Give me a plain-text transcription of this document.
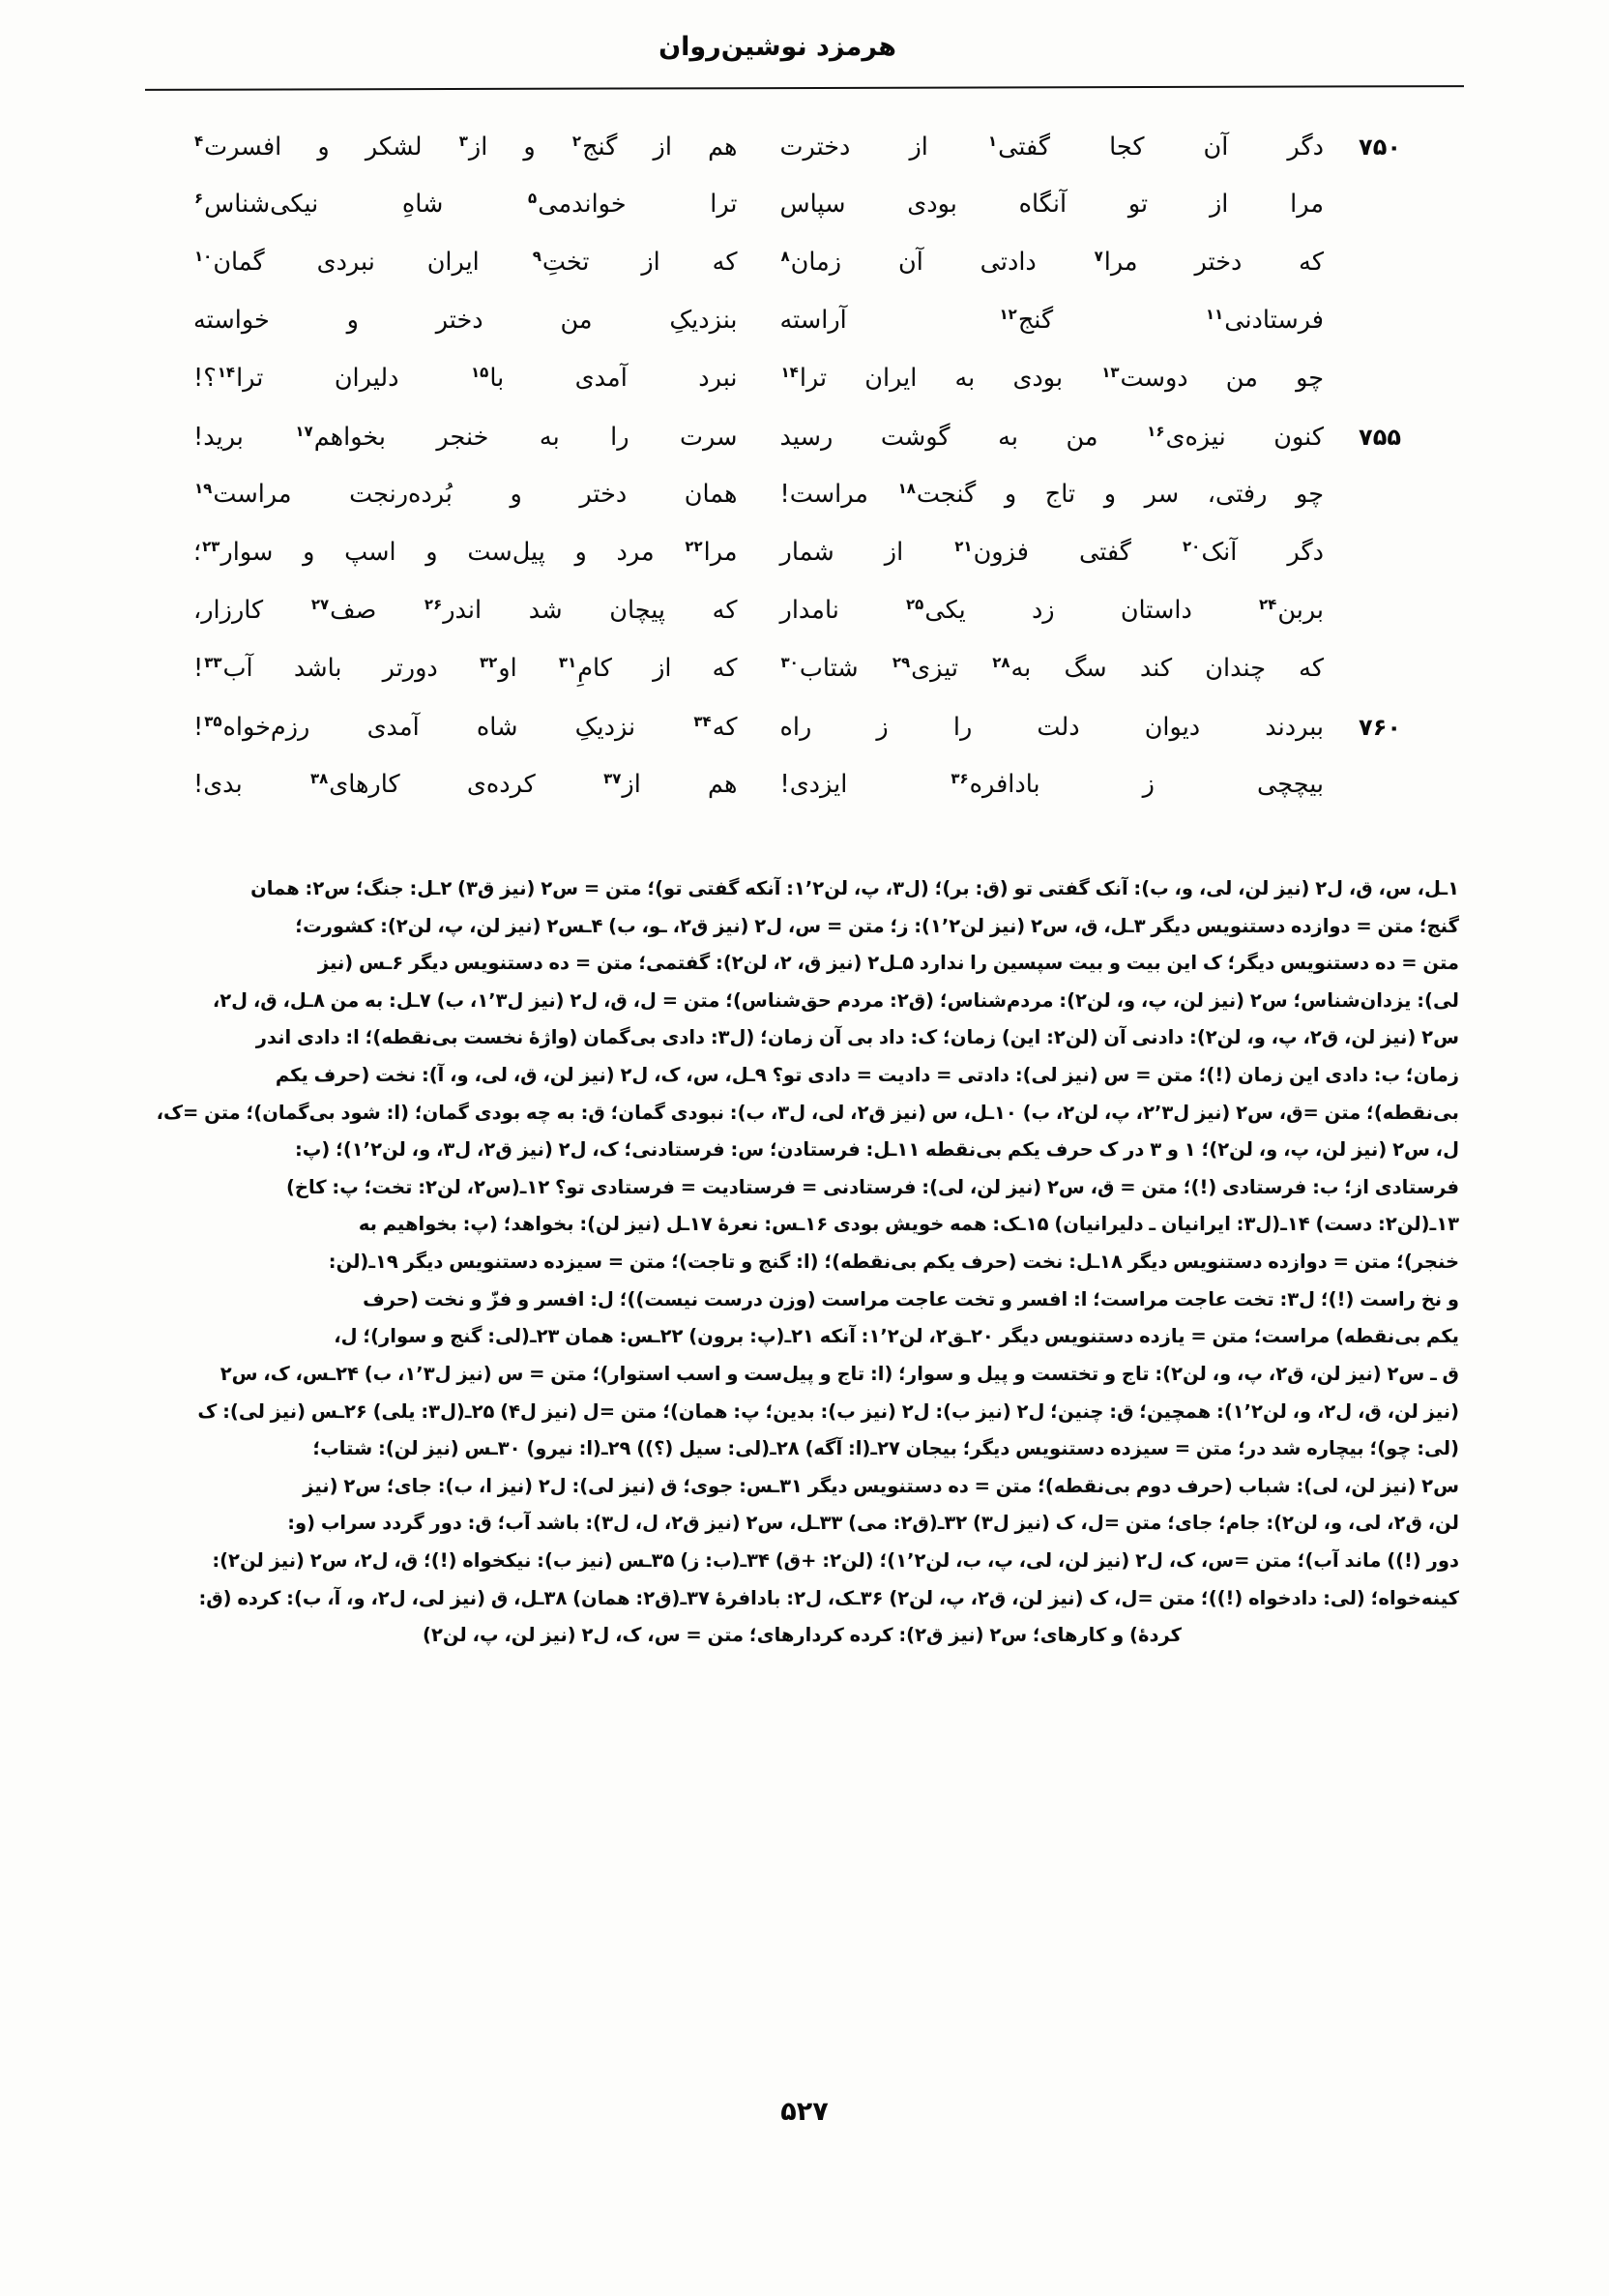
هرمزد نوشین‌روان
۷۵۰
دگر آن کجا گفتی$^۱$ از دخترت
هم از گنج$^۲$ و از$^۳$ لشکر و افسرت$^۴$
مرا از تو آنگاه بودی سپاس
ترا خواندمی$^۵$ شاهِ نیکی‌شناس$^۶$
که دختر مرا$^۷$ دادتی آن زمان$^۸$
که از تختِ$^۹$ ایران نبردی گمان$^{۱۰}$
فرستادنی$^{۱۱}$ گنج$^{۱۲}$ آراسته
بنزدیکِ من دختر و خواسته
چو من دوست$^{۱۳}$ بودی به ایران ترا$^{۱۴}$
نبرد آمدی با$^{۱۵}$ دلیران ترا$^{۱۴}$؟!
۷۵۵
کنون نیزه‌ی$^{۱۶}$ من به گوشت رسید
سرت را به خنجر بخواهم$^{۱۷}$ برید!
چو رفتی، سر و تاج و گنجت$^{۱۸}$ مراست!
همان دختر و بُرده‌رنجت مراست$^{۱۹}$
دگر آنک$^{۲۰}$ گفتی فزون$^{۲۱}$ از شمار
مرا$^{۲۲}$ مرد و پیل‌ست و اسپ و سوار$^{۲۳}$؛
بربن$^{۲۴}$ داستان زد یکی$^{۲۵}$ نامدار
که پیچان شد اندر$^{۲۶}$ صف$^{۲۷}$ کارزار،
که چندان کند سگ به$^{۲۸}$ تیزی$^{۲۹}$ شتاب$^{۳۰}$
که از کامِ$^{۳۱}$ او$^{۳۲}$ دورتر باشد آب$^{۳۳}$!
۷۶۰
ببردند دیوان دلت را ز راه
که$^{۳۴}$ نزدیکِ شاه آمدی رزم‌خواه$^{۳۵}$!
بیچچی ز بادافره$^{۳۶}$ ایزدی!
هم از$^{۳۷}$ کرده‌ی کارهای$^{۳۸}$ بدی!

۱ـل، س، ق، ل۲ (نیز لن، لی، و، ب): آنک گفتی تو (ق: بر)؛ (ل۳، پ، لن۱٬۲: آنکه گفتی تو)؛ متن = س۲ (نیز ق۳) ۲ـل: جنگ؛ س۲: همان

گنج؛ متن = دوازده دستنویس دیگر ۳ـل، ق، س۲ (نیز لن۱٬۲): ز؛ متن = س، ل۲ (نیز ق۲، ـو، ب) ۴ـس۲ (نیز لن، پ، لن۲): کشورت؛

متن = ده دستنویس دیگر؛ ک این بیت و بیت سپسین را ندارد ۵ـل۲ (نیز ق، ۲، لن۲): گفتمی؛ متن = ده دستنویس دیگر ۶ـس (نیز

لی): یزدان‌شناس؛ س۲ (نیز لن، پ، و، لن۲): مردم‌شناس؛ (ق۲: مردم حق‌شناس)؛ متن = ل، ق، ل۲ (نیز ل۱٬۳، ب) ۷ـل: به من ۸ـل، ق، ل۲،

س۲ (نیز لن، ق۲، پ، و، لن۲): دادنی آن (لن۲: این) زمان؛ ک: داد بی آن زمان؛ (ل۳: دادی بی‌گمان (واژهٔ نخست بی‌نقطه)؛ ا: دادی اندر

زمان؛ ب: دادی این زمان (!)؛ متن = س (نیز لی): دادتی = دادیت = دادی تو؟ ۹ـل، س، ک، ل۲ (نیز لن، ق، لی، و، آ): نخت (حرف یکم

بی‌نقطه)؛ متن =ق، س۲ (نیز ل۲٬۳، پ، لن۲، ب) ۱۰ـل، س (نیز ق۲، لی، ل۳، ب): نبودی گمان؛ ق: به چه بودی گمان؛ (ا: شود بی‌گمان)؛ متن =ک،

ل، س۲ (نیز لن، پ، و، لن۲)؛ ۱ و ۳ در ک حرف یکم بی‌نقطه ۱۱ـل: فرستادن؛ س: فرستادنی؛ ک، ل۲ (نیز ق۲، ل۳، و، لن۱٬۲)؛ (پ:

فرستادی از؛ ب: فرستادی (!)؛ متن = ق، س۲ (نیز لن، لی): فرستادنی = فرستادیت = فرستادی تو؟ ۱۲ـ(س۲، لن۲: تخت؛ پ: کاخ)

۱۳ـ(لن۲: دست) ۱۴ـ(ل۳: ایرانیان ـ دلیرانیان) ۱۵ـک: همه خویش بودی ۱۶ـس: نعرهٔ ۱۷ـل (نیز لن): بخواهد؛ (پ: بخواهیم به

خنجر)؛ متن = دوازده دستنویس دیگر ۱۸ـل: نخت (حرف یکم بی‌نقطه)؛ (ا: گنج و تاجت)؛ متن = سیزده دستنویس دیگر ۱۹ـ(لن:

و نخ راست (!)؛ ل۳: تخت عاجت مراست؛ ا: افسر و تخت عاجت مراست (وزن درست نیست))؛ ل: افسر و فزّ و نخت (حرف

یکم بی‌نقطه) مراست؛ متن = یازده دستنویس دیگر ۲۰ـق۲، لن۱٬۲: آنکه ۲۱ـ(پ: برون) ۲۲ـس: همان ۲۳ـ(لی: گنج و سوار)؛ ل،

ق ـ س۲ (نیز لن، ق۲، پ، و، لن۲): تاج و تختست و پیل و سوار؛ (ا: تاج و پیل‌ست و اسب استوار)؛ متن = س (نیز ل۱٬۳، ب) ۲۴ـس، ک، س۲

(نیز لن، ق، ل۲، و، لن۱٬۲): همچین؛ ق: چنین؛ ل۲ (نیز ب): ل۲ (نیز ب): بدین؛ پ: همان)؛ متن =ل (نیز ل۴) ۲۵ـ(ل۳: یلی) ۲۶ـس (نیز لی): ک

(لی: چو)؛ بیچاره شد در؛ متن = سیزده دستنویس دیگر؛ بیجان ۲۷ـ(ا: آگه) ۲۸ـ(لی: سیل (؟)) ۲۹ـ(ا: نیرو) ۳۰ـس (نیز لن): شتاب؛

س۲ (نیز لن، لی): شباب (حرف دوم بی‌نقطه)؛ متن = ده دستنویس دیگر ۳۱ـس: جوی؛ ق (نیز لی): ل۲ (نیز ا، ب): جای؛ س۲ (نیز

لن، ق۲، لی، و، لن۲): جام؛ جای؛ متن =ل، ک (نیز ل۳) ۳۲ـ(ق۲: می) ۳۳ـل، س۲ (نیز ق۲، ل، ل۳): باشد آب؛ ق: دور گردد سراب (و:

دور (!)) ماند آب)؛ متن =س، ک، ل۲ (نیز لن، لی، پ، ب، لن۱٬۲)؛ (لن۲: +ق) ۳۴ـ(ب: ز) ۳۵ـس (نیز ب): نیکخواه (!)؛ ق، ل۲، س۲ (نیز لن۲):

کینه‌خواه؛ (لی: دادخواه (!))؛ متن =ل، ک (نیز لن، ق۲، پ، لن۲) ۳۶ـک، ل۲: بادافرهٔ ۳۷ـ(ق۲: همان) ۳۸ـل، ق (نیز لی، ل۲، و، آ، ب): کرده (ق:

کردهٔ) و کارهای؛ س۲ (نیز ق۲): کرده کردارهای؛ متن = س، ک، ل۲ (نیز لن، پ، لن۲)

۵۲۷
